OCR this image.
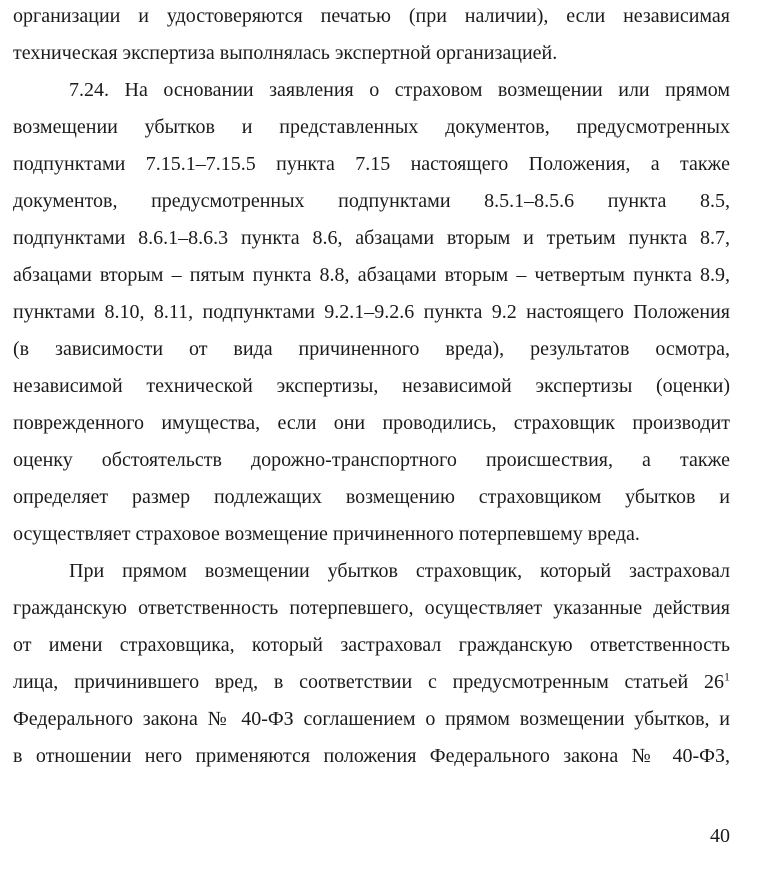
организации и удостоверяются печатью (при наличии), если независимая
техническая экспертиза выполнялась экспертной организацией.
7.24. На основании заявления о страховом возмещении или прямом
возмещении убытков и представленных документов, предусмотренных
подпунктами 7.15.1–7.15.5 пункта 7.15 настоящего Положения, а также
документов, предусмотренных подпунктами 8.5.1–8.5.6 пункта 8.5,
подпунктами 8.6.1–8.6.3 пункта 8.6, абзацами вторым и третьим пункта 8.7,
абзацами вторым – пятым пункта 8.8, абзацами вторым – четвертым пункта 8.9,
пунктами 8.10, 8.11, подпунктами 9.2.1–9.2.6 пункта 9.2 настоящего Положения
(в зависимости от вида причиненного вреда), результатов осмотра,
независимой технической экспертизы, независимой экспертизы (оценки)
поврежденного имущества, если они проводились, страховщик производит
оценку обстоятельств дорожно-транспортного происшествия, а также
определяет размер подлежащих возмещению страховщиком убытков и
осуществляет страховое возмещение причиненного потерпевшему вреда.
При прямом возмещении убытков страховщик, который застраховал
гражданскую ответственность потерпевшего, осуществляет указанные действия
от имени страховщика, который застраховал гражданскую ответственность
лица, причинившего вред, в соответствии с предусмотренным статьей $26^1$
Федерального закона № 40-ФЗ соглашением о прямом возмещении убытков, и
в отношении него применяются положения Федерального закона № 40-ФЗ,
40
